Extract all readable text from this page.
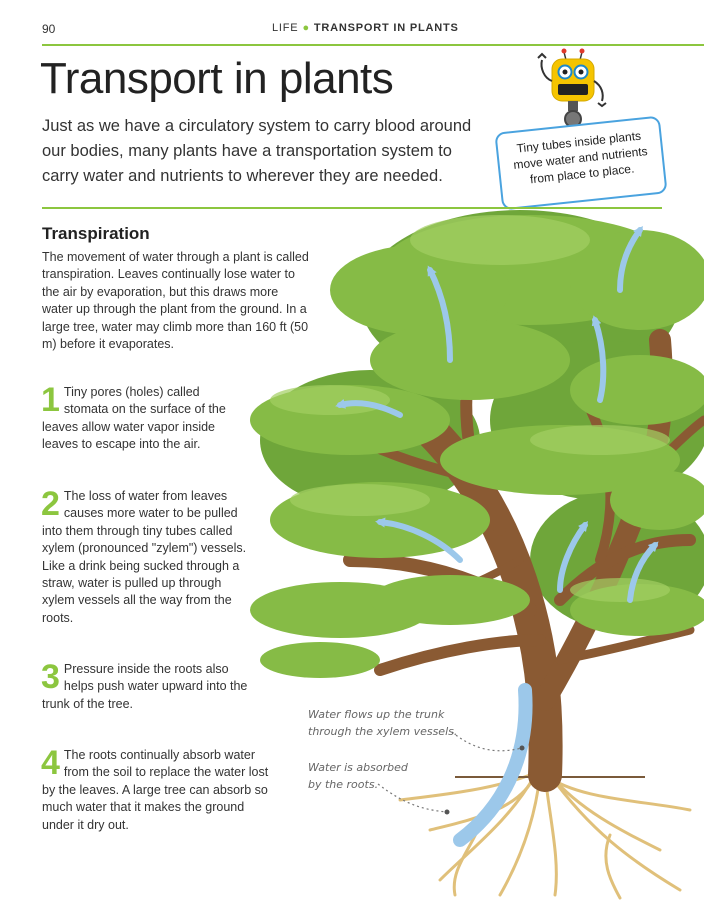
90	LIFE ● TRANSPORT IN PLANTS
Transport in plants

Just as we have a circulatory system to carry blood around our bodies, many plants have a transportation system to carry water and nutrients to wherever they are needed.

Tiny tubes inside plants move water and nutrients from place to place.

Transpiration

The movement of water through a plant is called transpiration. Leaves continually lose water to the air by evaporation, but this draws more water up through the plant from the ground. In a large tree, water may climb more than 160 ft (50 m) before it evaporates.

1 Tiny pores (holes) called stomata on the surface of the leaves allow water vapor inside leaves to escape into the air.
2 The loss of water from leaves causes more water to be pulled into them through tiny tubes called xylem (pronounced "zylem") vessels. Like a drink being sucked through a straw, water is pulled up through xylem vessels all the way from the roots.
3 Pressure inside the roots also helps push water upward into the trunk of the tree.
4 The roots continually absorb water from the soil to replace the water lost by the leaves. A large tree can absorb so much water that it makes the ground under it dry out.

Water flows up the trunk through the xylem vessels.

Water is absorbed by the roots.
